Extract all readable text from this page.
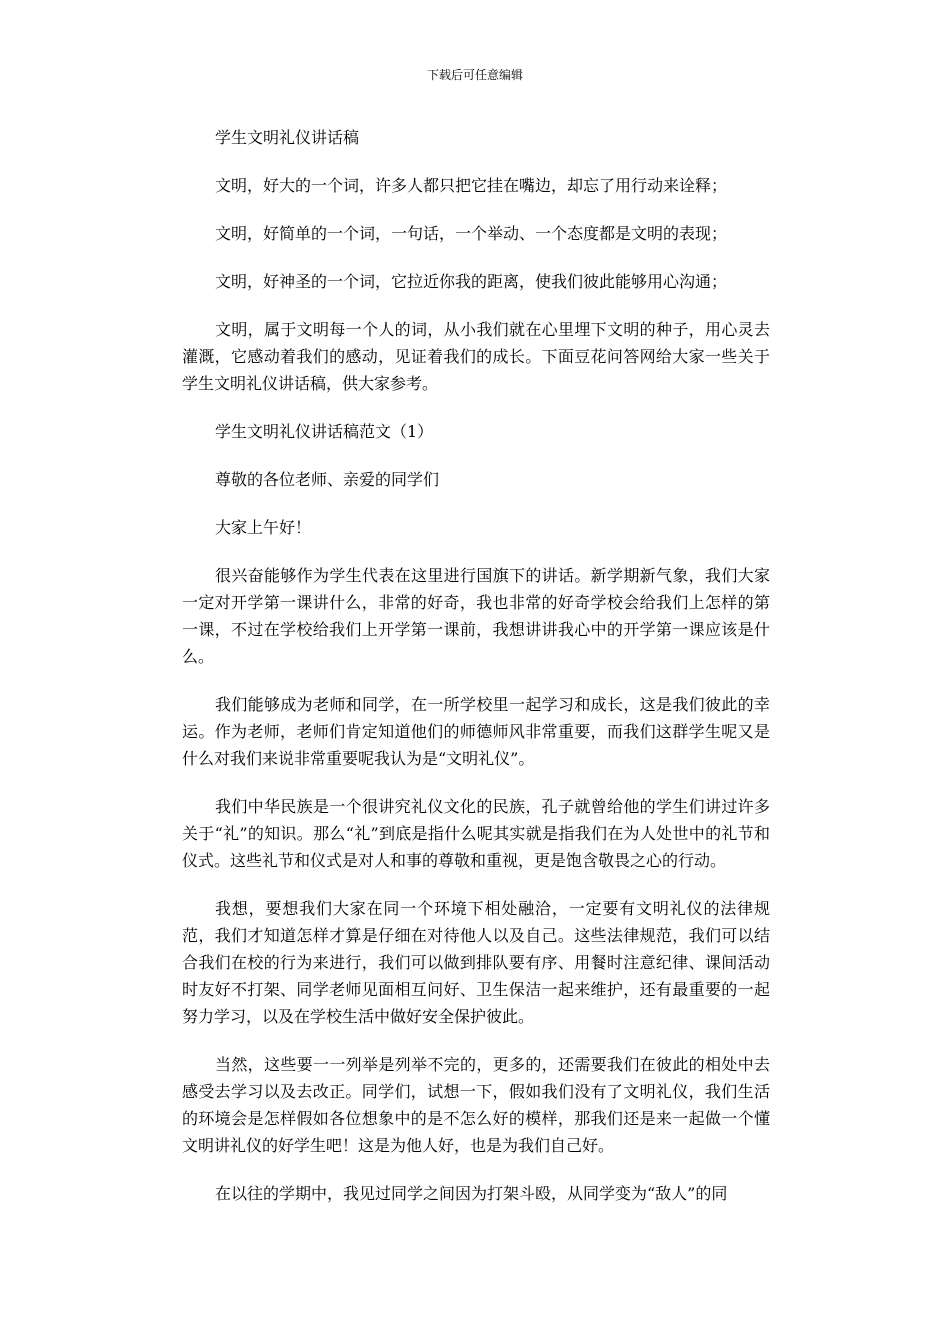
下载后可任意编辑

学生文明礼仪讲话稿

文明，好大的一个词，许多人都只把它挂在嘴边，却忘了用行动来诠释；

文明，好简单的一个词，一句话，一个举动、一个态度都是文明的表现；

文明，好神圣的一个词，它拉近你我的距离，使我们彼此能够用心沟通；

文明，属于文明每一个人的词，从小我们就在心里埋下文明的种子，用心灵去灌溉，它感动着我们的感动，见证着我们的成长。下面豆花问答网给大家一些关于学生文明礼仪讲话稿，供大家参考。

学生文明礼仪讲话稿范文（1）

尊敬的各位老师、亲爱的同学们

大家上午好！

很兴奋能够作为学生代表在这里进行国旗下的讲话。新学期新气象，我们大家一定对开学第一课讲什么，非常的好奇，我也非常的好奇学校会给我们上怎样的第一课，不过在学校给我们上开学第一课前，我想讲讲我心中的开学第一课应该是什么。

我们能够成为老师和同学，在一所学校里一起学习和成长，这是我们彼此的幸运。作为老师，老师们肯定知道他们的师德师风非常重要，而我们这群学生呢又是什么对我们来说非常重要呢我认为是“文明礼仪”。

我们中华民族是一个很讲究礼仪文化的民族，孔子就曾给他的学生们讲过许多关于“礼”的知识。那么“礼”到底是指什么呢其实就是指我们在为人处世中的礼节和仪式。这些礼节和仪式是对人和事的尊敬和重视，更是饱含敬畏之心的行动。

我想，要想我们大家在同一个环境下相处融洽，一定要有文明礼仪的法律规范，我们才知道怎样才算是仔细在对待他人以及自己。这些法律规范，我们可以结合我们在校的行为来进行，我们可以做到排队要有序、用餐时注意纪律、课间活动时友好不打架、同学老师见面相互问好、卫生保洁一起来维护，还有最重要的一起努力学习，以及在学校生活中做好安全保护彼此。

当然，这些要一一列举是列举不完的，更多的，还需要我们在彼此的相处中去感受去学习以及去改正。同学们，试想一下，假如我们没有了文明礼仪，我们生活的环境会是怎样假如各位想象中的是不怎么好的模样，那我们还是来一起做一个懂文明讲礼仪的好学生吧！这是为他人好，也是为我们自己好。

在以往的学期中，我见过同学之间因为打架斗殴，从同学变为“敌人”的同
